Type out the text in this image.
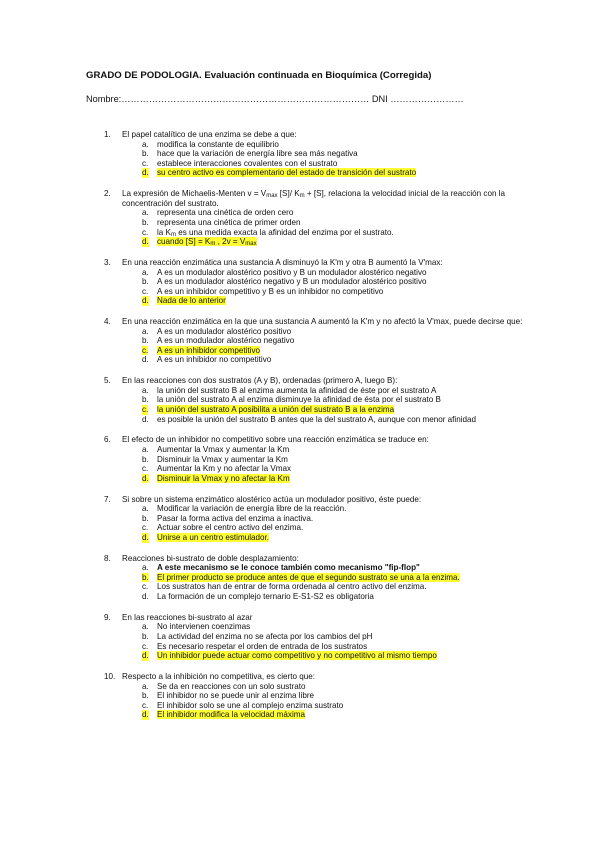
GRADO DE PODOLOGIA. Evaluación continuada en Bioquímica (Corregida)
Nombre:……………………………………………………………………… DNI ……………………
1. El papel catalítico de una enzima se debe a que:
a. modifica la constante de equilibrio
b. hace que la variación de energía libre sea más negativa
c. establece interacciones covalentes con el sustrato
d. su centro activo es complementario del estado de transición del sustrato
2. La expresión de Michaelis-Menten $v = V_{max}$ [S]/ $K_m + [S]$, relaciona la velocidad inicial de la reacción con la concentración del sustrato.
a. representa una cinética de orden cero
b. representa una cinética de primer orden
c. la $K_m$ es una medida exacta la afinidad del enzima por el sustrato.
d. cuando $[S] = K_m$ , $2v = V_{max}$
3. En una reacción enzimática una sustancia A disminuyó la K'm y otra B aumentó la V'max:
a. A es un modulador alostérico positivo y B un modulador alostérico negativo
b. A es un modulador alostérico negativo y B un modulador alostérico positivo
c. A es un inhibidor competitivo y B es un inhibidor no competitivo
d. Nada de lo anterior
4. En una reacción enzimática en la que una sustancia A aumentó la K'm y no afectó la V'max, puede decirse que:
a. A es un modulador alostérico positivo
b. A es un modulador alostérico negativo
c. A es un inhibidor competitivo
d. A es un inhibidor no competitivo
5. En las reacciones con dos sustratos (A y B), ordenadas (primero A, luego B):
a. la unión del sustrato B al enzima aumenta la afinidad de éste por el sustrato A
b. la unión del sustrato A al enzima disminuye la afinidad de ésta por el sustrato B
c. la unión del sustrato A posibilita a unión del sustrato B a la enzima
d. es posible la unión del sustrato B antes que la del sustrato A, aunque con menor afinidad
6. El efecto de un inhibidor no competitivo sobre una reacción enzimática se traduce en:
a. Aumentar la Vmax y aumentar la Km
b. Disminuir la Vmax y aumentar la Km
c. Aumentar la Km y no afectar la Vmax
d. Disminuir la Vmax y no afectar la Km
7. Si sobre un sistema enzimático alostérico actúa un modulador positivo, éste puede:
a. Modificar la variación de energía libre de la reacción.
b. Pasar la forma activa del enzima a inactiva.
c. Actuar sobre el centro activo del enzima.
d. Unirse a un centro estimulador.
8. Reacciones bi-sustrato de doble desplazamiento:
a. A este mecanismo se le conoce también como mecanismo "fip-flop"
b. El primer producto se produce antes de que el segundo sustrato se una a la enzima.
c. Los sustratos han de entrar de forma ordenada al centro activo del enzima.
d. La formación de un complejo ternario E-S1-S2 es obligatoria
9. En las reacciones bi-sustrato al azar
a. No intervienen coenzimas
b. La actividad del enzima no se afecta por los cambios del pH
c. Es necesario respetar el orden de entrada de los sustratos
d. Un inhibidor puede actuar como competitivo y no competitivo al mismo tiempo
10. Respecto a la inhibición no competitiva, es cierto que:
a. Se da en reacciones con un solo sustrato
b. El inhibidor no se puede unir al enzima libre
c. El inhibidor solo se une al complejo enzima sustrato
d. El inhibidor modifica la velocidad máxima
